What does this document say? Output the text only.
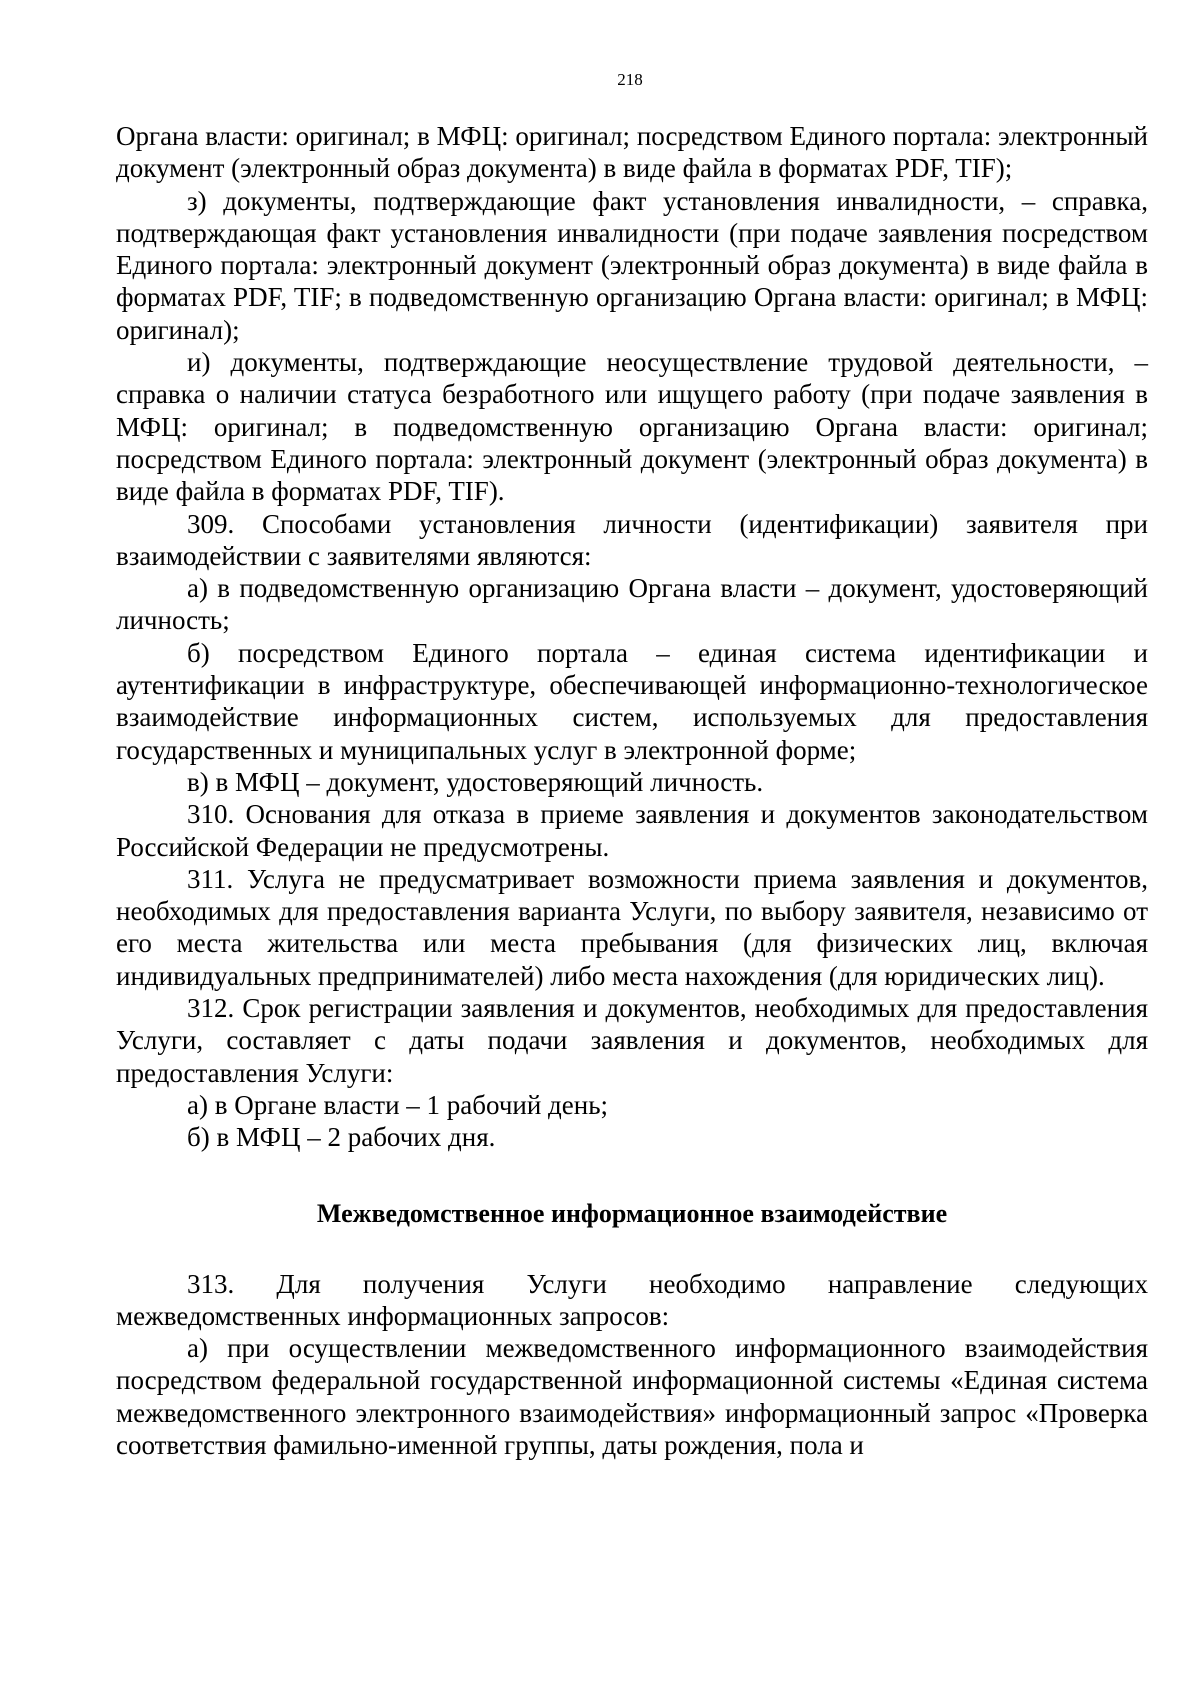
218

Органа власти: оригинал; в МФЦ: оригинал; посредством Единого портала: электронный документ (электронный образ документа) в виде файла в форматах PDF, TIF);

з) документы, подтверждающие факт установления инвалидности, – справка, подтверждающая факт установления инвалидности (при подаче заявления посредством Единого портала: электронный документ (электронный образ документа) в виде файла в форматах PDF, TIF; в подведомственную организацию Органа власти: оригинал; в МФЦ: оригинал);

и) документы, подтверждающие неосуществление трудовой деятельности, – справка о наличии статуса безработного или ищущего работу (при подаче заявления в МФЦ: оригинал; в подведомственную организацию Органа власти: оригинал; посредством Единого портала: электронный документ (электронный образ документа) в виде файла в форматах PDF, TIF).

309. Способами установления личности (идентификации) заявителя при взаимодействии с заявителями являются:

а) в подведомственную организацию Органа власти – документ, удостоверяющий личность;

б) посредством Единого портала – единая система идентификации и аутентификации в инфраструктуре, обеспечивающей информационно-технологическое взаимодействие информационных систем, используемых для предоставления государственных и муниципальных услуг в электронной форме;

в) в МФЦ – документ, удостоверяющий личность.

310. Основания для отказа в приеме заявления и документов законодательством Российской Федерации не предусмотрены.

311. Услуга не предусматривает возможности приема заявления и документов, необходимых для предоставления варианта Услуги, по выбору заявителя, независимо от его места жительства или места пребывания (для физических лиц, включая индивидуальных предпринимателей) либо места нахождения (для юридических лиц).

312. Срок регистрации заявления и документов, необходимых для предоставления Услуги, составляет с даты подачи заявления и документов, необходимых для предоставления Услуги:

а) в Органе власти – 1 рабочий день;

б) в МФЦ – 2 рабочих дня.

Межведомственное информационное взаимодействие

313. Для получения Услуги необходимо направление следующих межведомственных информационных запросов:

а) при осуществлении межведомственного информационного взаимодействия посредством федеральной государственной информационной системы «Единая система межведомственного электронного взаимодействия» информационный запрос «Проверка соответствия фамильно-именной группы, даты рождения, пола и
